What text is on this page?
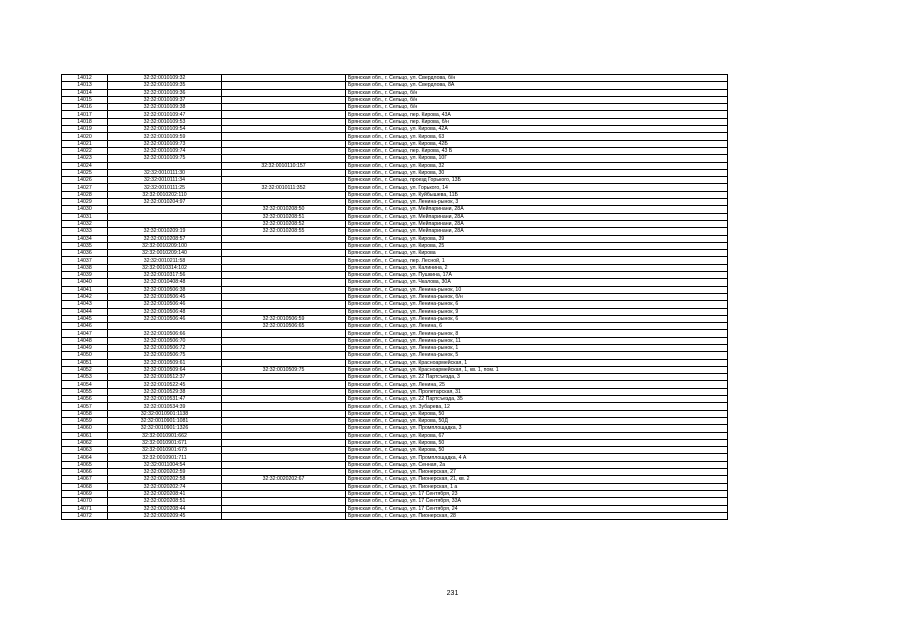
14012	32:32:0010109:32		Брянская обл., г. Сельцо, ул. Свердлова, б/н
14013	32:32:0010109:35		Брянская обл., г. Сельцо, ул. Свердлова, 8А
14014	32:32:0010109:36		Брянская обл., г. Сельцо, б/н
14015	32:32:0010109:37		Брянская обл., г. Сельцо, б/н
14016	32:32:0010109:38		Брянская обл., г. Сельцо, б/н
14017	32:32:0010109:47		Брянская обл., г. Сельцо, пер. Кирова, 43А
14018	32:32:0010109:53		Брянская обл., г. Сельцо, пер. Кирова, б/н
14019	32:32:0010109:54		Брянская обл., г. Сельцо, ул. Кирова, 42А
14020	32:32:0010109:59		Брянская обл., г. Сельцо, ул. Кирова, 63
14021	32:32:0010109:73		Брянская обл., г. Сельцо, ул. Кирова, 42Б
14022	32:32:0010109:74		Брянская обл., г. Сельцо, пер. Кирова, 43 Б
14023	32:32:0010109:75		Брянская обл., г. Сельцо, ул. Кирова, 10Г
14024		32:32:0010110:157	Брянская обл., г. Сельцо, ул. Кирова, 32
14025	32:32:0010111:30		Брянская обл., г. Сельцо, ул. Кирова, 30
14026	32:32:0010111:34		Брянская обл., г. Сельцо, проезд Горького, 13Б
14027	32:32:0010111:25	32:32:0010111:352	Брянская обл., г. Сельцо, ул. Горького, 14
14028	32:32:0010202:110		Брянская обл., г. Сельцо, ул. Куйбышева, 11Б
14029	32:32:0010204:97		Брянская обл., г. Сельцо, ул. Ленина-рынок, 3
14030		32:32:0010208:50	Брянская обл., г. Сельцо, ул. Мейпаринани, 28А
14031		32:32:0010208:51	Брянская обл., г. Сельцо, ул. Мейпаринани, 28А
14032		32:32:0010208:52	Брянская обл., г. Сельцо, ул. Мейпаринани, 28А
14033	32:32:0010209:19	32:32:0010208:55	Брянская обл., г. Сельцо, ул. Мейпаринани, 28А
14034	32:32:0010208:57		Брянская обл., г. Сельцо, ул. Кирова, 39
14035	32:32:0010209:100		Брянская обл., г. Сельцо, ул. Кирова, 25
14036	32:32:0010209:140		Брянская обл., г. Сельцо, ул. Кирова
14037	32:32:0010211:58		Брянская обл., г. Сельцо, пер. Лесной, 1
14038	32:32:0010314:102		Брянская обл., г. Сельцо, ул. Калинина, 2
14039	32:32:0010317:56		Брянская обл., г. Сельцо, ул. Пушкина, 17А
14040	32:32:0010408:48		Брянская обл., г. Сельцо, ул. Чкалова, 30А
14041	32:32:0010506:38		Брянская обл., г. Сельцо, ул. Ленина-рынок, 10
14042	32:32:0010506:45		Брянская обл., г. Сельцо, ул. Ленина-рынок, б/н
14043	32:32:0010506:46		Брянская обл., г. Сельцо, ул. Ленина-рынок, 6
14044	32:32:0010506:48		Брянская обл., г. Сельцо, ул. Ленина-рынок, 9
14045	32:32:0010506:46	32:32:0010506:59	Брянская обл., г. Сельцо, ул. Ленина-рынок, 6
14046		32:32:0010506:65	Брянская обл., г. Сельцо, ул. Ленина, 6
14047	32:32:0010506:66		Брянская обл., г. Сельцо, ул. Ленина-рынок, 8
14048	32:32:0010506:70		Брянская обл., г. Сельцо, ул. Ленина-рынок, 11
14049	32:32:0010506:72		Брянская обл., г. Сельцо, ул. Ленина-рынок, 1
14050	32:32:0010506:75		Брянская обл., г. Сельцо, ул. Ленина-рынок, 5
14051	32:32:0010509:61		Брянская обл., г. Сельцо, ул. Красноармейская, 1
14052	32:32:0010509:64	32:32:0010509:75	Брянская обл., г. Сельцо, ул. Красноармейская, 1, кв. 1, пом. 1
14053	32:32:0010512:37		Брянская обл., г. Сельцо, ул. 22 Партсъезда, 3
14054	32:32:0010522:45		Брянская обл., г. Сельцо, ул. Ленина, 25
14055	32:32:0010529:38		Брянская обл., г. Сельцо, ул. Пролетарская, 31
14056	32:32:0010531:47		Брянская обл., г. Сельцо, ул. 22 Партсъезда, 35
14057	32:32:0010534:39		Брянская обл., г. Сельцо, ул. Зубарева, 12
14058	32:32:0010901:1138		Брянская обл., г. Сельцо, ул. Кирова, 50
14059	32:32:0010901:1081		Брянская обл., г. Сельцо, ул. Кирова, 50Д
14060	32:32:0010901:1326		Брянская обл., г. Сельцо, ул. Промплощадка, 3
14061	32:32:0010901:662		Брянская обл., г. Сельцо, ул. Кирова, 67
14062	32:32:0010901:671		Брянская обл., г. Сельцо, ул. Кирова, 50
14063	32:32:0010901:673		Брянская обл., г. Сельцо, ул. Кирова, 50
14064	32:32:0010901:711		Брянская обл., г. Сельцо, ул. Промплощадка, 4 А
14065	32:32:0011004:54		Брянская обл., г. Сельцо, ул. Сенная, 2а
14066	32:32:0020202:59		Брянская обл., г. Сельцо, ул. Пионерская, 27
14067	32:32:0020202:58	32:32:0020202:67	Брянская обл., г. Сельцо, ул. Пионерская, 21, кв. 2
14068	32:32:0020202:74		Брянская обл., г. Сельцо, ул. Пионерская, 1 а
14069	32:32:0020208:41		Брянская обл., г. Сельцо, ул. 17 Сентября, 23
14070	32:32:0020208:51		Брянская обл., г. Сельцо, ул. 17 Сентября, 33А
14071	32:32:0020208:44		Брянская обл., г. Сельцо, ул. 17 Сентября, 24
14072	32:32:0020209:45		Брянская обл., г. Сельцо, ул. Пионерская, 28
231
